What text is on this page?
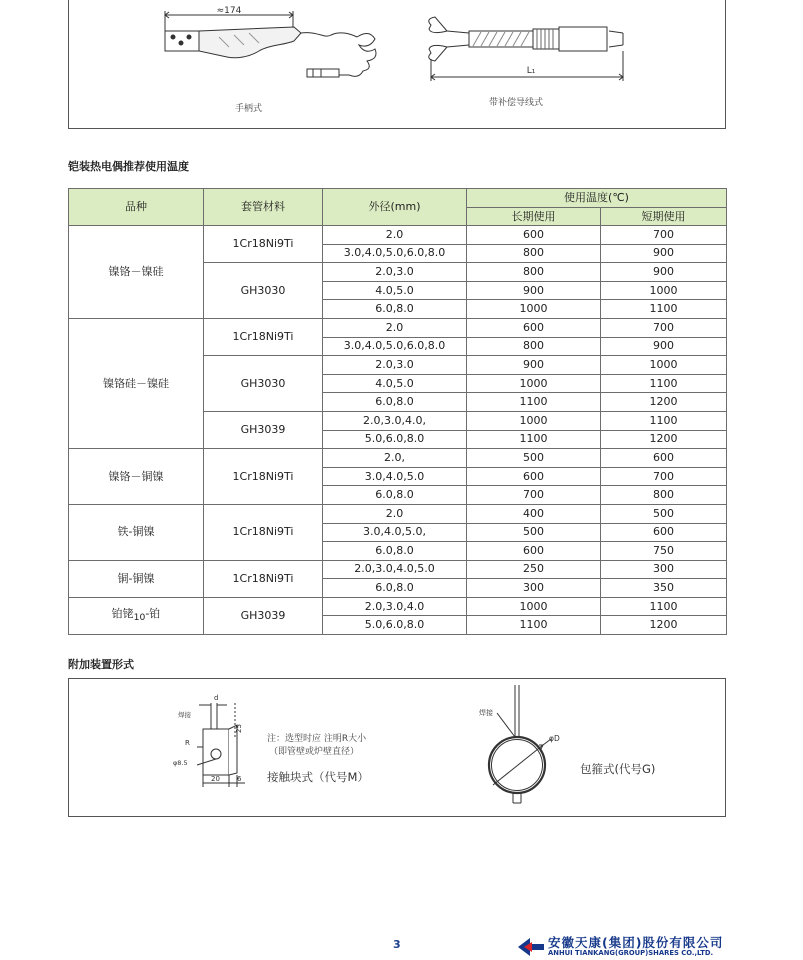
≈174
L₁
手柄式
带补偿导线式
铠装热电偶推荐使用温度
品种	套管材料	外径(mm)	使用温度(℃)	
			长期使用	短期使用
镍铬－镍硅	1Cr18Ni9Ti	2.0	600	700
		3.0,4.0,5.0,6.0,8.0	800	900
	GH3030	2.0,3.0	800	900
		4.0,5.0	900	1000
		6.0,8.0	1000	1100
镍铬硅－镍硅	1Cr18Ni9Ti	2.0	600	700
		3.0,4.0,5.0,6.0,8.0	800	900
	GH3030	2.0,3.0	900	1000
		4.0,5.0	1000	1100
		6.0,8.0	1100	1200
	GH3039	2.0,3.0,4.0,	1000	1100
		5.0,6.0,8.0	1100	1200
镍铬－铜镍	1Cr18Ni9Ti	2.0,	500	600
		3.0,4.0,5.0	600	700
		6.0,8.0	700	800
铁-铜镍	1Cr18Ni9Ti	2.0	400	500
		3.0,4.0,5.0,	500	600
		6.0,8.0	600	750
铜-铜镍	1Cr18Ni9Ti	2.0,3.0,4.0,5.0	250	300
		6.0,8.0	300	350
铂铑$_{10}$-铂	GH3039	2.0,3.0,4.0	1000	1100
		5.0,6.0,8.0	1100	1200
附加装置形式
d
焊接
R
25
φ8.5
20 6
焊接
φD
注：选型时应 注明R大小
（即管壁或炉壁直径）
接触块式（代号M）
包箍式(代号G)
3	安徽天康(集团)股份有限公司
ANHUI TIANKANG(GROUP)SHARES CO.,LTD.
